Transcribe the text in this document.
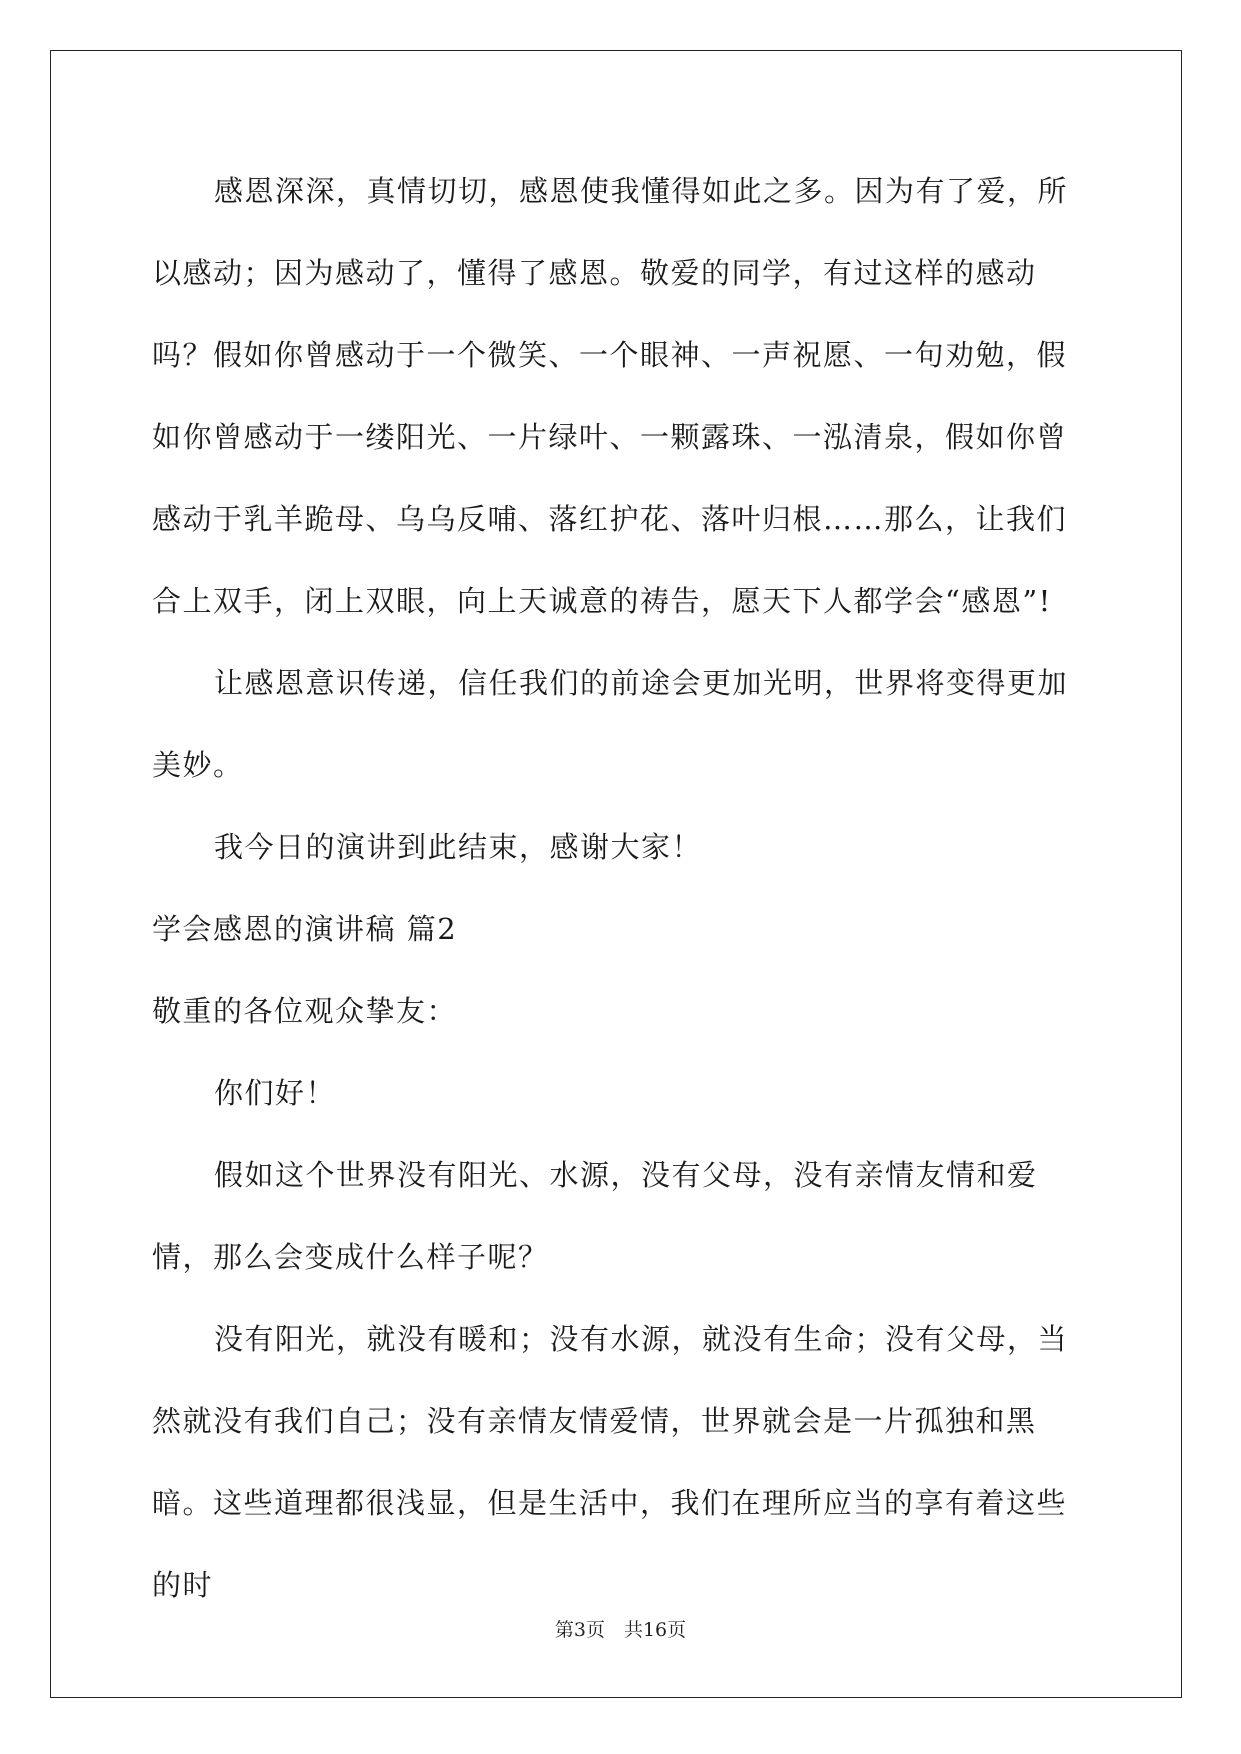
感恩深深，真情切切，感恩使我懂得如此之多。因为有了爱，所以感动；因为感动了，懂得了感恩。敬爱的同学，有过这样的感动吗？假如你曾感动于一个微笑、一个眼神、一声祝愿、一句劝勉，假如你曾感动于一缕阳光、一片绿叶、一颗露珠、一泓清泉，假如你曾感动于乳羊跪母、乌乌反哺、落红护花、落叶归根……那么，让我们合上双手，闭上双眼，向上天诚意的祷告，愿天下人都学会“感恩”!

让感恩意识传递，信任我们的前途会更加光明，世界将变得更加美妙。

我今日的演讲到此结束，感谢大家！

学会感恩的演讲稿 篇2

敬重的各位观众挚友：

你们好！

假如这个世界没有阳光、水源，没有父母，没有亲情友情和爱情，那么会变成什么样子呢？

没有阳光，就没有暖和；没有水源，就没有生命；没有父母，当然就没有我们自己；没有亲情友情爱情，世界就会是一片孤独和黑暗。这些道理都很浅显，但是生活中，我们在理所应当的享有着这些的时

第3页　共16页
